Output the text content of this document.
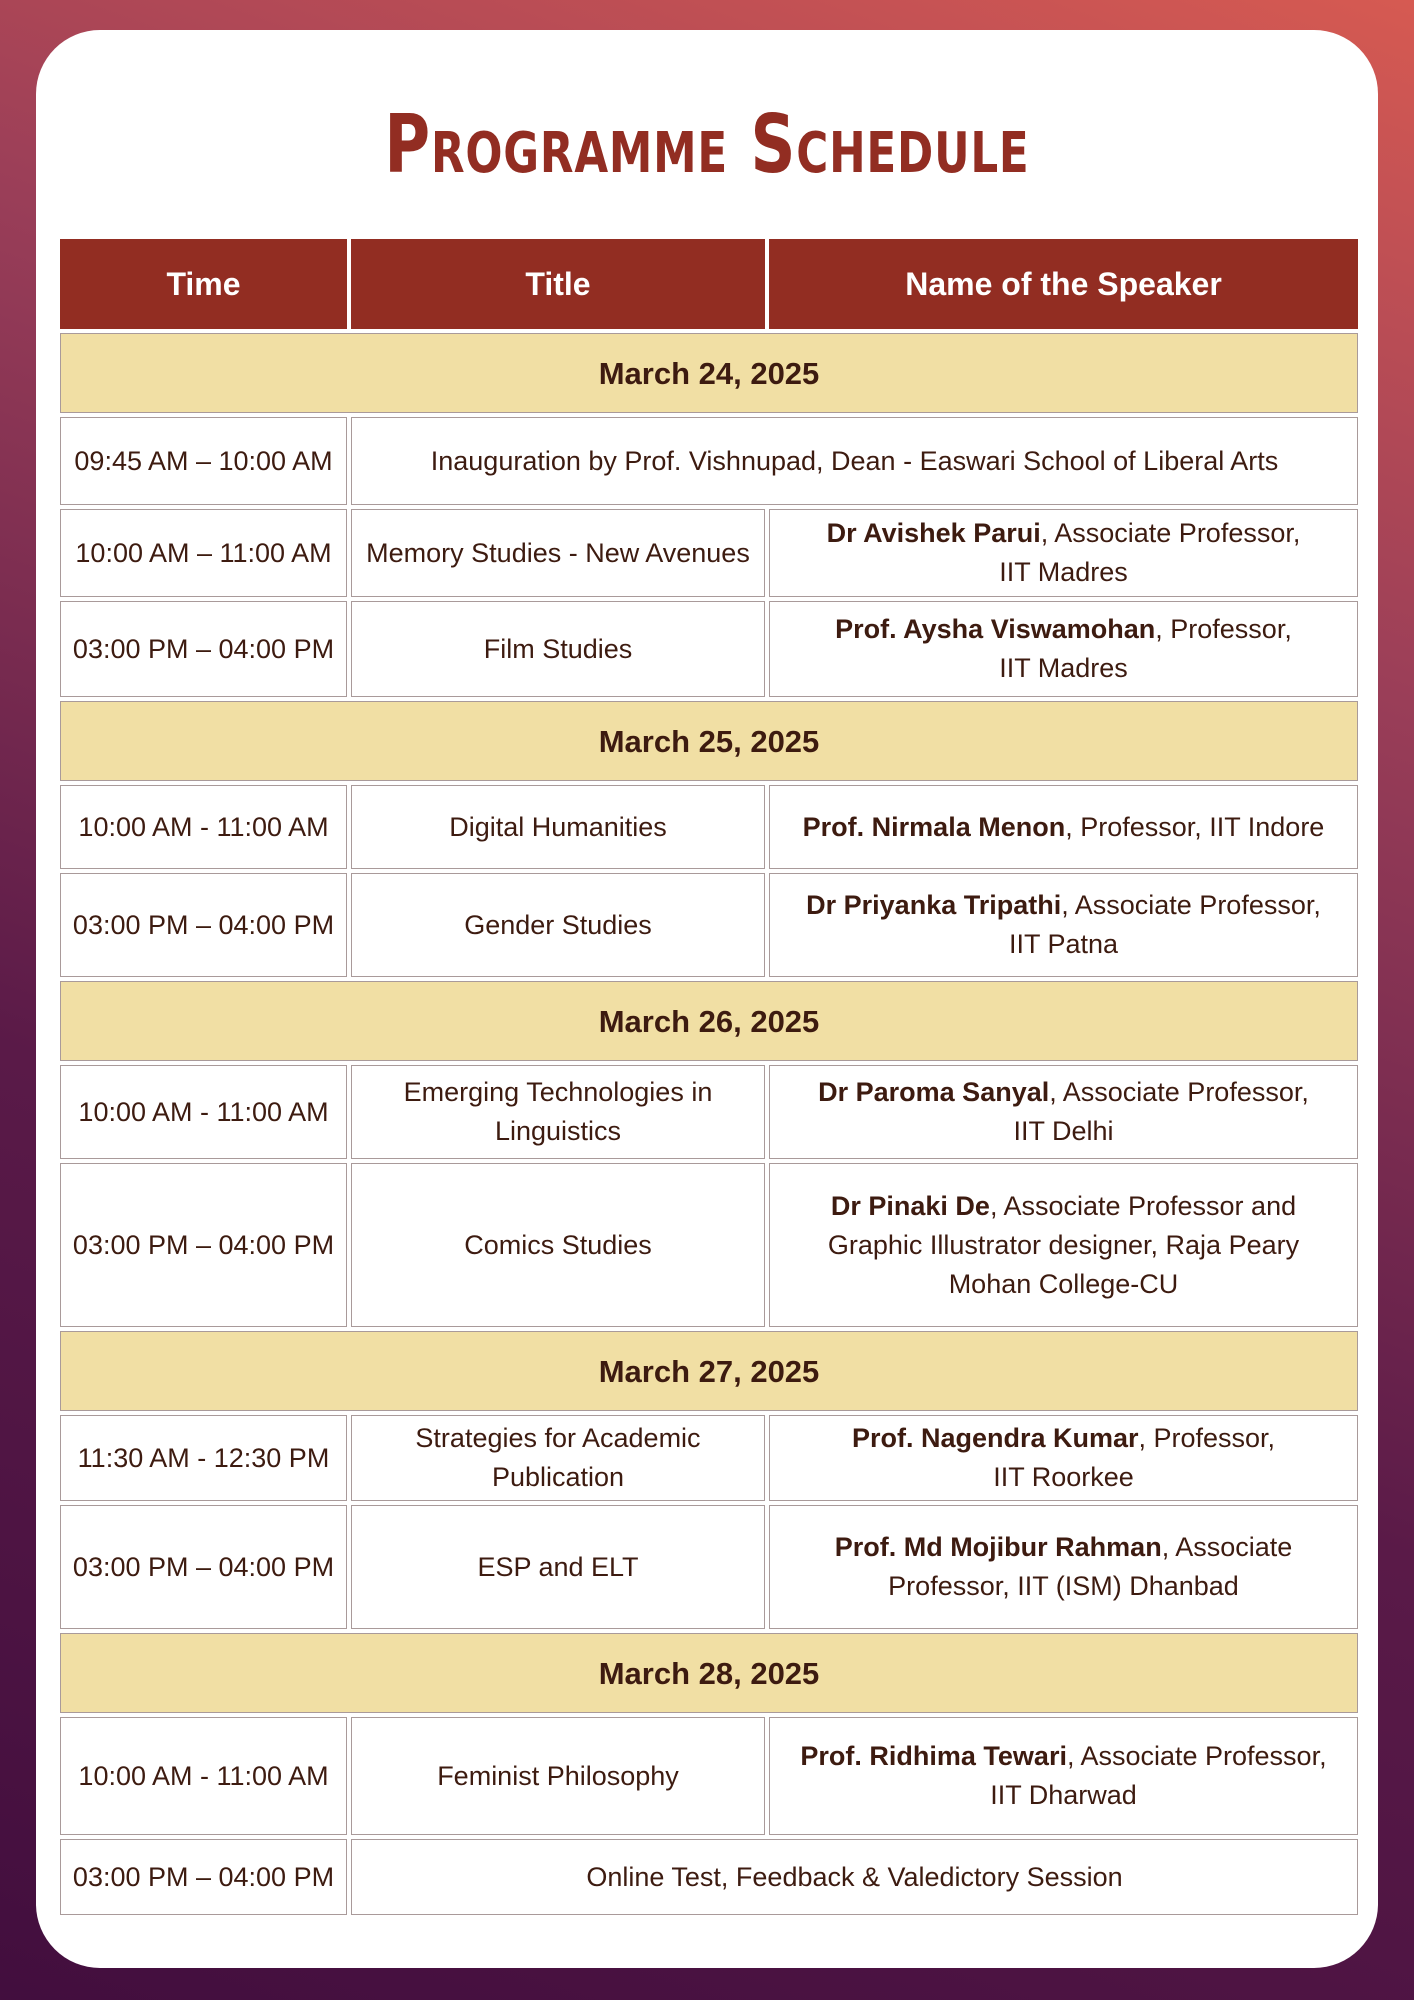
Programme Schedule
Time	Title	Name of the Speaker
March 24, 2025		
09:45 AM – 10:00 AM	Inauguration by Prof. Vishnupad, Dean - Easwari School of Liberal Arts	
10:00 AM – 11:00 AM	Memory Studies - New Avenues	Dr Avishek Parui, Associate Professor,
IIT Madres
03:00 PM – 04:00 PM	Film Studies	Prof. Aysha Viswamohan, Professor,
IIT Madres
March 25, 2025		
10:00 AM - 11:00 AM	Digital Humanities	Prof. Nirmala Menon, Professor, IIT Indore
03:00 PM – 04:00 PM	Gender Studies	Dr Priyanka Tripathi, Associate Professor,
IIT Patna
March 26, 2025		
10:00 AM - 11:00 AM	Emerging Technologies in Linguistics	Dr Paroma Sanyal, Associate Professor,
IIT Delhi
03:00 PM – 04:00 PM	Comics Studies	Dr Pinaki De, Associate Professor and Graphic Illustrator designer, Raja Peary Mohan College-CU
March 27, 2025		
11:30 AM - 12:30 PM	Strategies for Academic Publication	Prof. Nagendra Kumar, Professor,
IIT Roorkee
03:00 PM – 04:00 PM	ESP and ELT	Prof. Md Mojibur Rahman, Associate Professor, IIT (ISM) Dhanbad
March 28, 2025		
10:00 AM - 11:00 AM	Feminist Philosophy	Prof. Ridhima Tewari, Associate Professor,
IIT Dharwad
03:00 PM – 04:00 PM	Online Test, Feedback & Valedictory Session	
